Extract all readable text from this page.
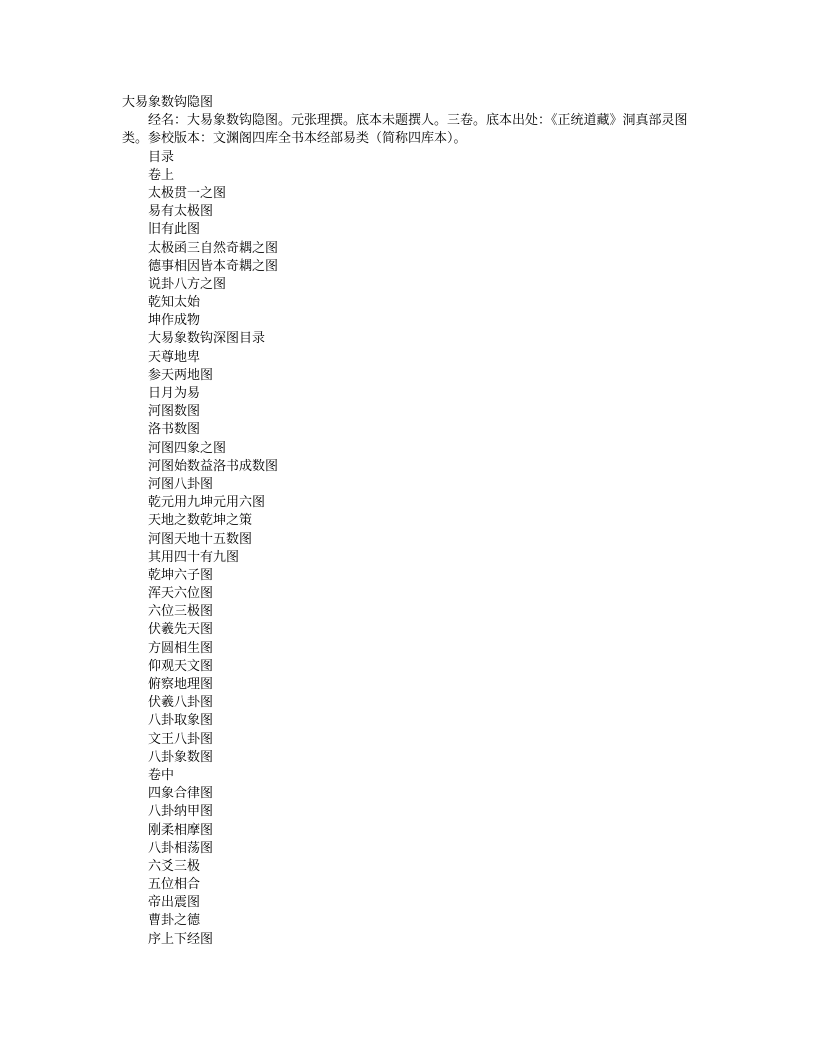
大易象数钩隐图

经名：大易象数钩隐图。元张理撰。底本未题撰人。三卷。底本出处：《正统道藏》洞真部灵图类。参校版本：文渊阁四库全书本经部易类（简称四库本）。

目录

卷上

太极贯一之图

易有太极图

旧有此图

太极函三自然奇耦之图

德事相因皆本奇耦之图

说卦八方之图

乾知太始

坤作成物

大易象数钩深图目录

天尊地卑

参天两地图

日月为易

河图数图

洛书数图

河图四象之图

河图始数益洛书成数图

河图八卦图

乾元用九坤元用六图

天地之数乾坤之策

河图天地十五数图

其用四十有九图

乾坤六子图

浑天六位图

六位三极图

伏羲先天图

方圆相生图

仰观天文图

俯察地理图

伏羲八卦图

八卦取象图

文王八卦图

八卦象数图

卷中

四象合律图

八卦纳甲图

刚柔相摩图

八卦相荡图

六爻三极

五位相合

帝出震图

曹卦之德

序上下经图
